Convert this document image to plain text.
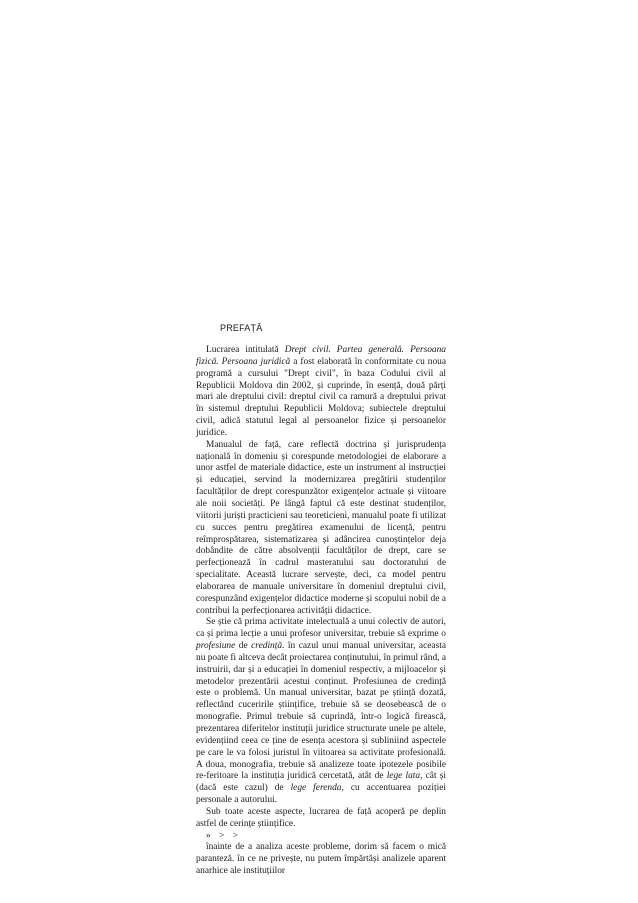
PREFAȚĂ

Lucrarea intitulată Drept civil. Partea generală. Persoana fizică. Persoana juridică a fost elaborată în conformitate cu noua programă a cursului "Drept civil", în baza Codului civil al Republicii Moldova din 2002, și cuprinde, în esență, două părți mari ale dreptului civil: dreptul civil ca ramură a dreptului privat în sistemul dreptului Republicii Moldova; subiectele dreptului civil, adică statutul legal al persoanelor fizice și persoanelor juridice.

Manualul de față, care reflectă doctrina și jurisprudența națională în domeniu și corespunde metodologiei de elaborare a unor astfel de materiale didactice, este un instrument al instrucției și educației, servind la modernizarea pregătirii studenților facultăților de drept corespunzător exigențelor actuale și viitoare ale noii societăți. Pe lângă faptul că este destinat studenților, viitorii juriști practicieni sau teoreticieni, manualul poate fi utilizat cu succes pentru pregătirea examenului de licență, pentru reîmprospătarea, sistematizarea și adâncirea cunoștințelor deja dobândite de către absolvenții facultăților de drept, care se perfecționează în cadrul masteratului sau doctoratului de specialitate. Această lucrare servește, deci, ca model pentru elaborarea de manuale universitare în domeniul dreptului civil, corespunzând exigențelor didactice moderne și scopului nobil de a contribui la perfecționarea activității didactice.

Se știe că prima activitate intelectuală a unui colectiv de autori, ca și prima lecție a unui profesor universitar, trebuie să exprime o profesiune de credință. în cazul unui manual universitar, aceasta nu poate fi altceva decât proiectarea conținutului, în primul rând, a instruirii, dar și a educației în domeniul respectiv, a mijloacelor și metodelor prezentării acestui conținut. Profesiunea de credință este o problemă. Un manual universitar, bazat pe știință dozată, reflectând cuceririle științifice, trebuie să se deosebească de o monografie. Primul trebuie să cuprindă, într-o logică firească, prezentarea diferitelor instituții juridice structurate unele pe altele, evidențiind ceea ce ține de esența acestora și subliniind aspectele pe care le va folosi juristul în viitoarea sa activitate profesională. A doua, monografia, trebuie să analizeze toate ipotezele posibile re-feritoare la instituția juridică cercetată, atât de lege lata, cât și (dacă este cazul) de lege ferenda, cu accentuarea poziției personale a autorului.

Sub toate aceste aspecte, lucrarea de față acoperă pe deplin astfel de cerințe științifice.

» > >

înainte de a analiza aceste probleme, dorim să facem o mică paranteză. în ce ne privește, nu putem împărtăși analizele aparent anarhice ale instituțiilor
